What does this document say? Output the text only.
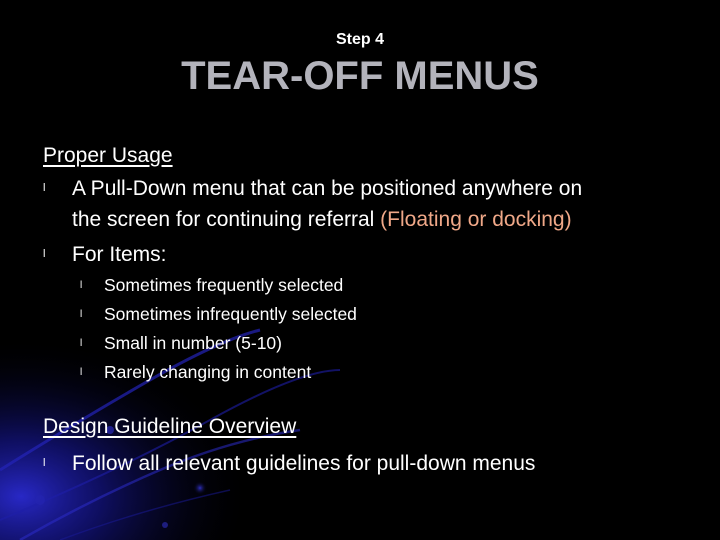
Step 4
TEAR-OFF MENUS
Proper Usage
l A Pull-Down menu that can be positioned anywhere on
the screen for continuing referral (Floating or docking)
l For Items:
l Sometimes frequently selected
l Sometimes infrequently selected
l Small in number (5-10)
l Rarely changing in content
Design Guideline Overview
l Follow all relevant guidelines for pull-down menus
